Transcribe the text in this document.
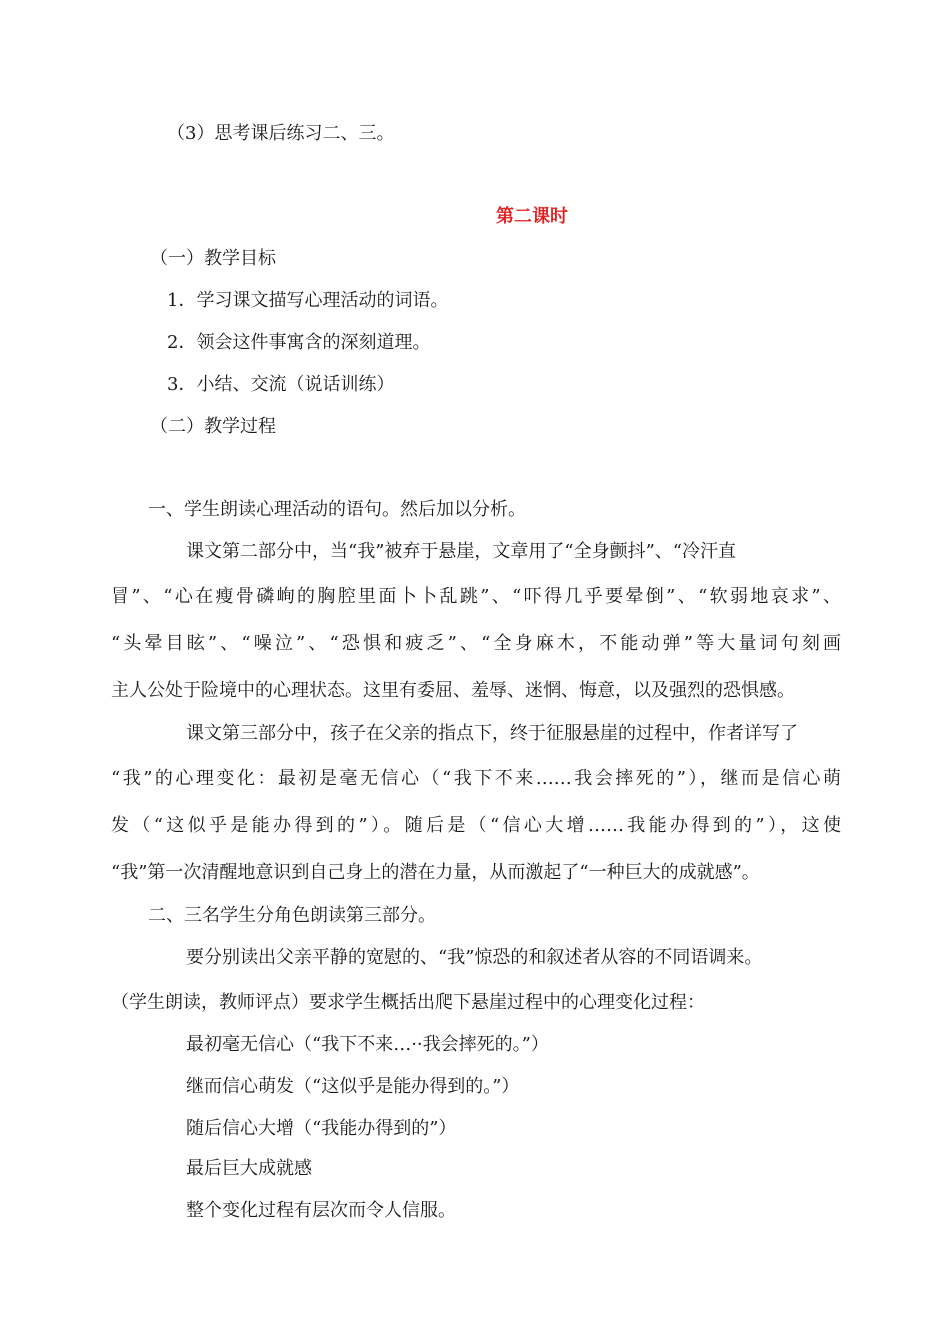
（3）思考课后练习二、三。
第二课时
（一）教学目标
1．学习课文描写心理活动的词语。
2．领会这件事寓含的深刻道理。
3．小结、交流（说话训练）
（二）教学过程
一、学生朗读心理活动的语句。然后加以分析。
课文第二部分中，当“我”被弃于悬崖，文章用了“全身颤抖”、“冷汗直
冒”、“心在瘦骨磷峋的胸腔里面卜卜乱跳”、“吓得几乎要晕倒”、“软弱地哀求”、
“头晕目眩”、“噪泣”、“恐惧和疲乏”、“全身麻木，不能动弹”等大量词句刻画
主人公处于险境中的心理状态。这里有委屈、羞辱、迷惘、悔意，以及强烈的恐惧感。
课文第三部分中，孩子在父亲的指点下，终于征服悬崖的过程中，作者详写了
“我”的心理变化：最初是毫无信心（“我下不来……我会摔死的”），继而是信心萌
发（“这似乎是能办得到的”）。随后是（“信心大增……我能办得到的”），这使
“我”第一次清醒地意识到自己身上的潜在力量，从而激起了“一种巨大的成就感”。
二、三名学生分角色朗读第三部分。
要分别读出父亲平静的宽慰的、“我”惊恐的和叙述者从容的不同语调来。
（学生朗读，教师评点）要求学生概括出爬下悬崖过程中的心理变化过程：
最初毫无信心（“我下不来…··我会摔死的。”）
继而信心萌发（“这似乎是能办得到的。”）
随后信心大增（“我能办得到的”）
最后巨大成就感
整个变化过程有层次而令人信服。
